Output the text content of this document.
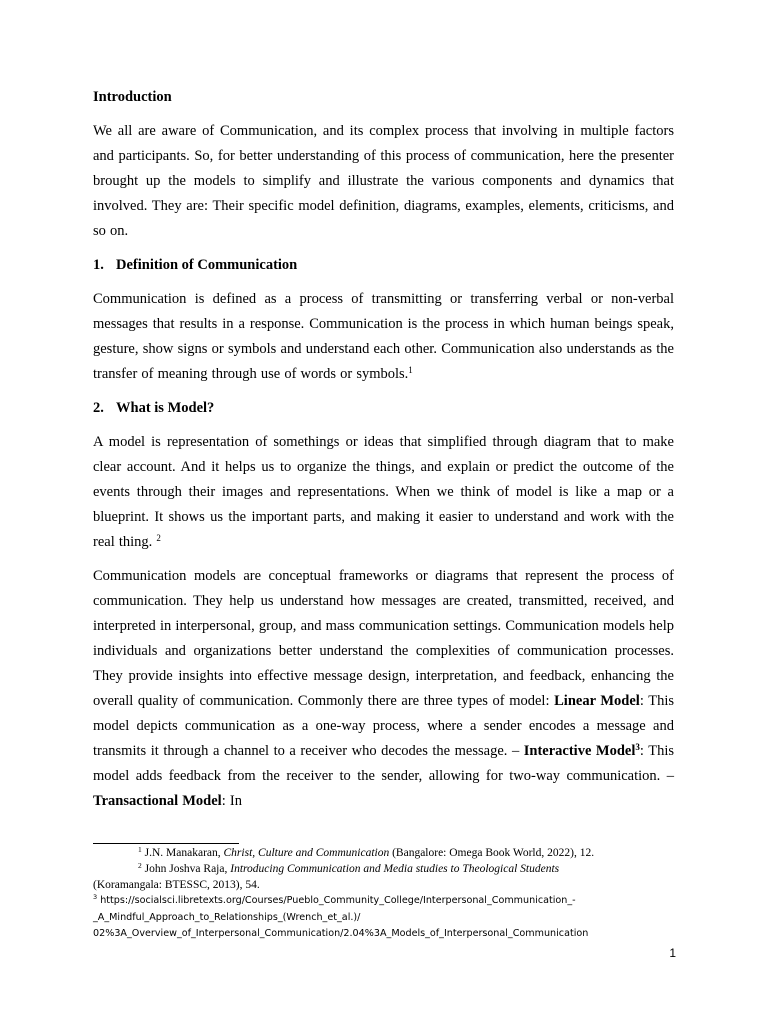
Introduction

We all are aware of Communication, and its complex process that involving in multiple factors and participants. So, for better understanding of this process of communication, here the presenter brought up the models to simplify and illustrate the various components and dynamics that involved. They are: Their specific model definition, diagrams, examples, elements, criticisms, and so on.

1. Definition of Communication

Communication is defined as a process of transmitting or transferring verbal or non-verbal messages that results in a response. Communication is the process in which human beings speak, gesture, show signs or symbols and understand each other. Communication also understands as the transfer of meaning through use of words or symbols.$^1$

2. What is Model?

A model is representation of somethings or ideas that simplified through diagram that to make clear account. And it helps us to organize the things, and explain or predict the outcome of the events through their images and representations. When we think of model is like a map or a blueprint. It shows us the important parts, and making it easier to understand and work with the real thing. $^2$

Communication models are conceptual frameworks or diagrams that represent the process of communication. They help us understand how messages are created, transmitted, received, and interpreted in interpersonal, group, and mass communication settings. Communication models help individuals and organizations better understand the complexities of communication processes. They provide insights into effective message design, interpretation, and feedback, enhancing the overall quality of communication. Commonly there are three types of model: Linear Model: This model depicts communication as a one-way process, where a sender encodes a message and transmits it through a channel to a receiver who decodes the message. – Interactive Model$^3$: This model adds feedback from the receiver to the sender, allowing for two-way communication. – Transactional Model: In

$^1$ J.N. Manakaran, Christ, Culture and Communication (Bangalore: Omega Book World, 2022), 12.

$^2$ John Joshva Raja, Introducing Communication and Media studies to Theological Students

(Koramangala: BTESSC, 2013), 54.

$^3$ https://socialsci.libretexts.org/Courses/Pueblo_Community_College/Interpersonal_Communication_-

_A_Mindful_Approach_to_Relationships_(Wrench_et_al.)/

02%3A_Overview_of_Interpersonal_Communication/2.04%3A_Models_of_Interpersonal_Communication

1
